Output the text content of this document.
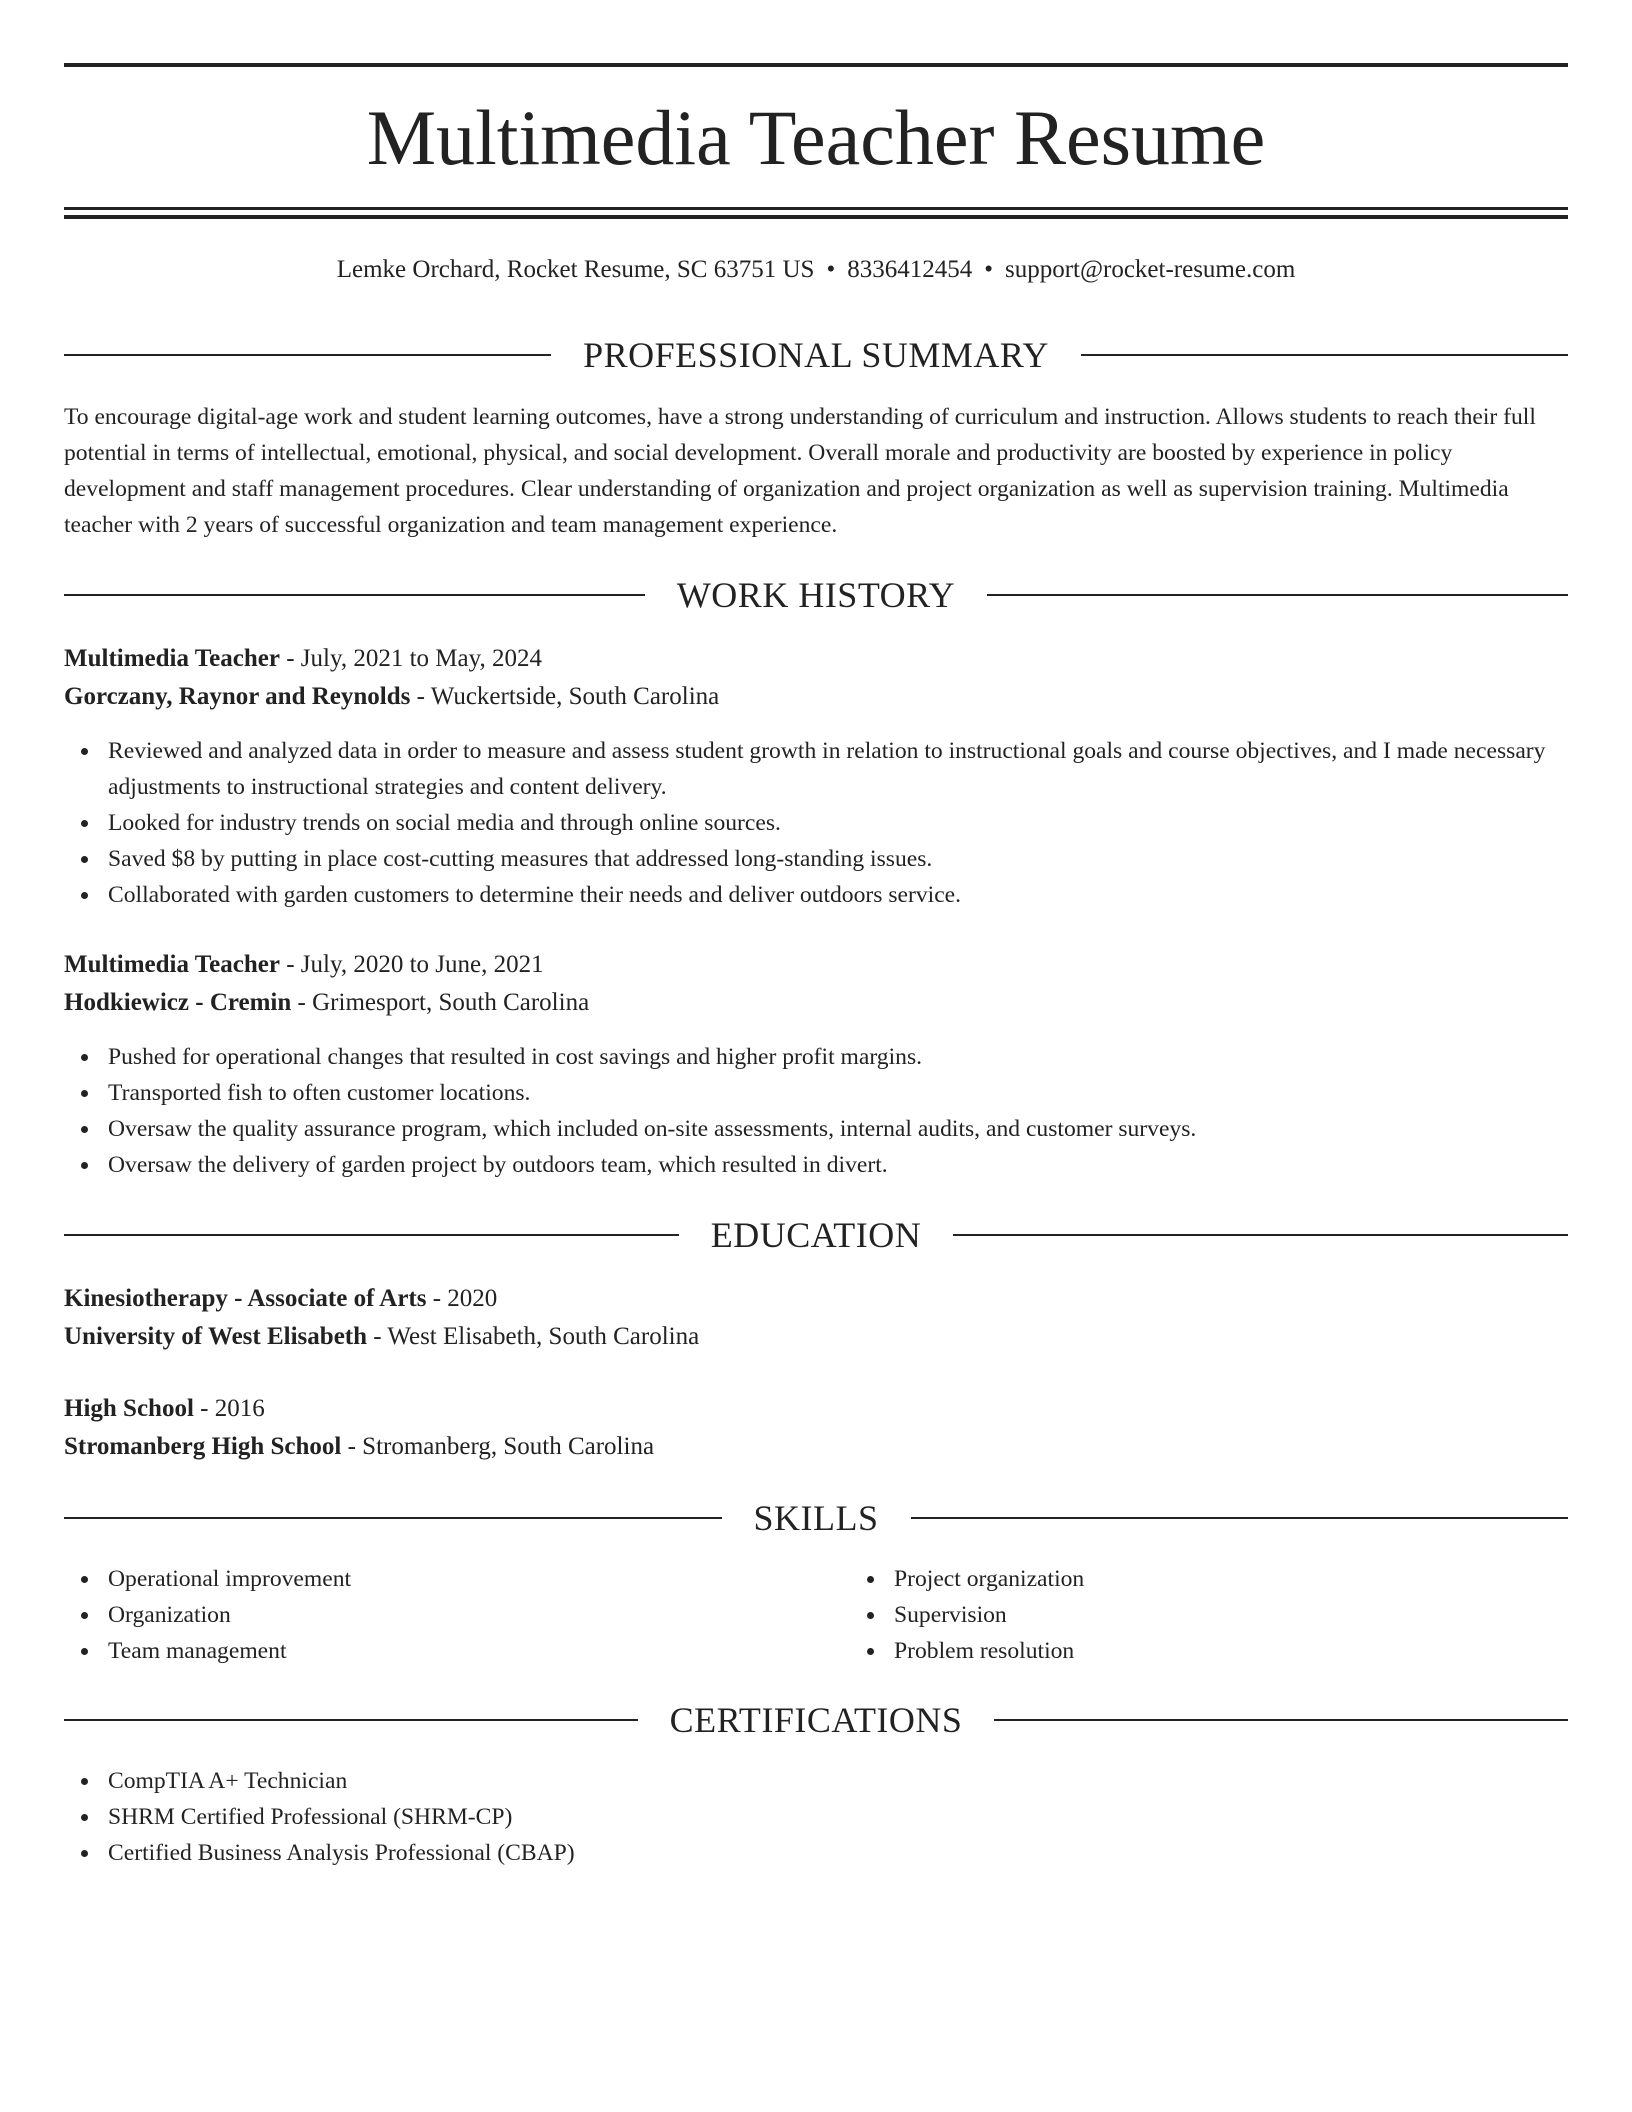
Multimedia Teacher Resume
Lemke Orchard, Rocket Resume, SC 63751 US • 8336412454 • support@rocket-resume.com
PROFESSIONAL SUMMARY
To encourage digital-age work and student learning outcomes, have a strong understanding of curriculum and instruction. Allows students to reach their full potential in terms of intellectual, emotional, physical, and social development. Overall morale and productivity are boosted by experience in policy development and staff management procedures. Clear understanding of organization and project organization as well as supervision training. Multimedia teacher with 2 years of successful organization and team management experience.
WORK HISTORY
Multimedia Teacher - July, 2021 to May, 2024
Gorczany, Raynor and Reynolds - Wuckertside, South Carolina
Reviewed and analyzed data in order to measure and assess student growth in relation to instructional goals and course objectives, and I made necessary adjustments to instructional strategies and content delivery.
Looked for industry trends on social media and through online sources.
Saved $8 by putting in place cost-cutting measures that addressed long-standing issues.
Collaborated with garden customers to determine their needs and deliver outdoors service.
Multimedia Teacher - July, 2020 to June, 2021
Hodkiewicz - Cremin - Grimesport, South Carolina
Pushed for operational changes that resulted in cost savings and higher profit margins.
Transported fish to often customer locations.
Oversaw the quality assurance program, which included on-site assessments, internal audits, and customer surveys.
Oversaw the delivery of garden project by outdoors team, which resulted in divert.
EDUCATION
Kinesiotherapy - Associate of Arts - 2020
University of West Elisabeth - West Elisabeth, South Carolina
High School - 2016
Stromanberg High School - Stromanberg, South Carolina
SKILLS
Operational improvement
Organization
Team management
Project organization
Supervision
Problem resolution
CERTIFICATIONS
CompTIA A+ Technician
SHRM Certified Professional (SHRM-CP)
Certified Business Analysis Professional (CBAP)
